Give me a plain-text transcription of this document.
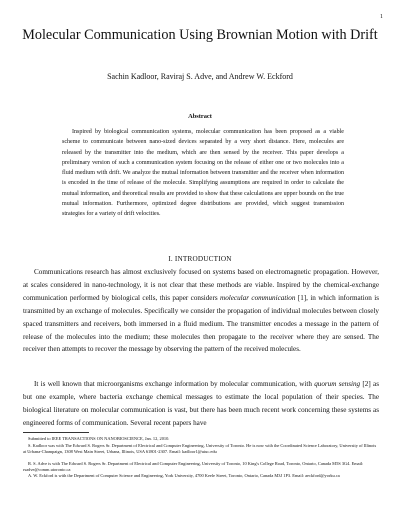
1
Molecular Communication Using Brownian Motion with Drift

Sachin Kadloor, Raviraj S. Adve, and Andrew W. Eckford

Abstract

Inspired by biological communication systems, molecular communication has been proposed as a viable scheme to communicate between nano-sized devices separated by a very short distance. Here, molecules are released by the transmitter into the medium, which are then sensed by the receiver. This paper develops a preliminary version of such a communication system focusing on the release of either one or two molecules into a fluid medium with drift. We analyze the mutual information between transmitter and the receiver when information is encoded in the time of release of the molecule. Simplifying assumptions are required in order to calculate the mutual information, and theoretical results are provided to show that these calculations are upper bounds on the true mutual information. Furthermore, optimized degree distributions are provided, which suggest transmission strategies for a variety of drift velocities.

I. INTRODUCTION

Communications research has almost exclusively focused on systems based on electromagnetic propagation. However, at scales considered in nano-technology, it is not clear that these methods are viable. Inspired by the chemical-exchange communication performed by biological cells, this paper considers molecular communication [1], in which information is transmitted by an exchange of molecules. Specifically we consider the propagation of individual molecules between closely spaced transmitters and receivers, both immersed in a fluid medium. The transmitter encodes a message in the pattern of release of the molecules into the medium; these molecules then propagate to the receiver where they are sensed. The receiver then attempts to recover the message by observing the pattern of the received molecules.

It is well known that microorganisms exchange information by molecular communication, with quorum sensing [2] as but one example, where bacteria exchange chemical messages to estimate the local population of their species. The biological literature on molecular communication is vast, but there has been much recent work concerning these systems as engineered forms of communication. Several recent papers have

Submitted to IEEE TRANSACTIONS ON NANOBIOSCIENCE, Jan. 12, 2010.

S. Kadloor was with The Edward S. Rogers Sr. Department of Electrical and Computer Engineering, University of Toronto. He is now with the Coordinated Science Laboratory, University of Illinois at Urbana-Champaign, 1308 West Main Street, Urbana, Illinois, USA 61801-2307. Email: kadloor1@uiuc.edu

R. S. Adve is with The Edward S. Rogers Sr. Department of Electrical and Computer Engineering, University of Toronto, 10 King's College Road, Toronto, Ontario, Canada M5S 3G4. Email: rsadve@comm.utoronto.ca

A. W. Eckford is with the Department of Computer Science and Engineering, York University, 4700 Keele Street, Toronto, Ontario, Canada M3J 1P3. Email: aeckford@yorku.ca
